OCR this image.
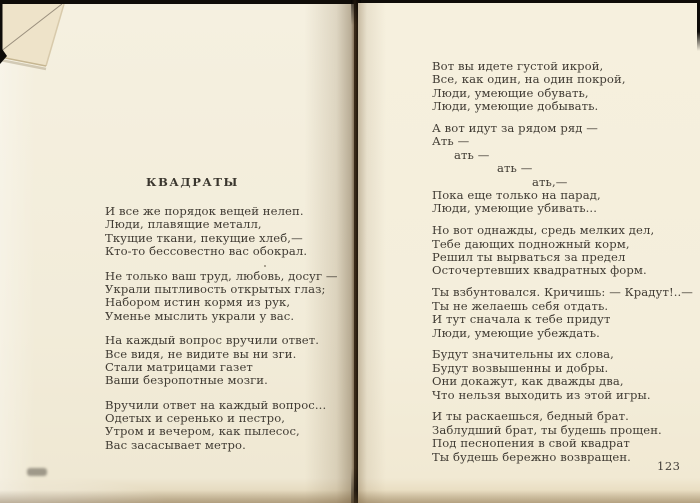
КВАДРАТЫ
И все же порядок вещей нелеп.
Люди, плавящие металл,
Ткущие ткани, пекущие хлеб,—
Кто-то бессовестно вас обокрал.
Не только ваш труд, любовь, досуг —
Украли пытливость открытых глаз;
Набором истин кормя из рук,
Уменье мыслить украли у вас.
На каждый вопрос вручили ответ.
Все видя, не видите вы ни зги.
Стали матрицами газет
Ваши безропотные мозги.
Вручили ответ на каждый вопрос...
Одетых и серенько и пестро,
Утром и вечером, как пылесос,
Вас засасывает метро.
Вот вы идете густой икрой,
Все, как один, на один покрой,
Люди, умеющие обувать,
Люди, умеющие добывать.
А вот идут за рядом ряд —
Ать —
ать —
ать —
ать,—
Пока еще только на парад,
Люди, умеющие убивать...
Но вот однажды, средь мелких дел,
Тебе дающих подножный корм,
Решил ты вырваться за предел
Осточертевших квадратных форм.
Ты взбунтовался. Кричишь: — Крадут!..—
Ты не желаешь себя отдать.
И тут сначала к тебе придут
Люди, умеющие убеждать.
Будут значительны их слова,
Будут возвышенны и добры.
Они докажут, как дважды два,
Что нельзя выходить из этой игры.
И ты раскаешься, бедный брат.
Заблудший брат, ты будешь прощен.
Под песнопения в свой квадрат
Ты будешь бережно возвращен.
123
